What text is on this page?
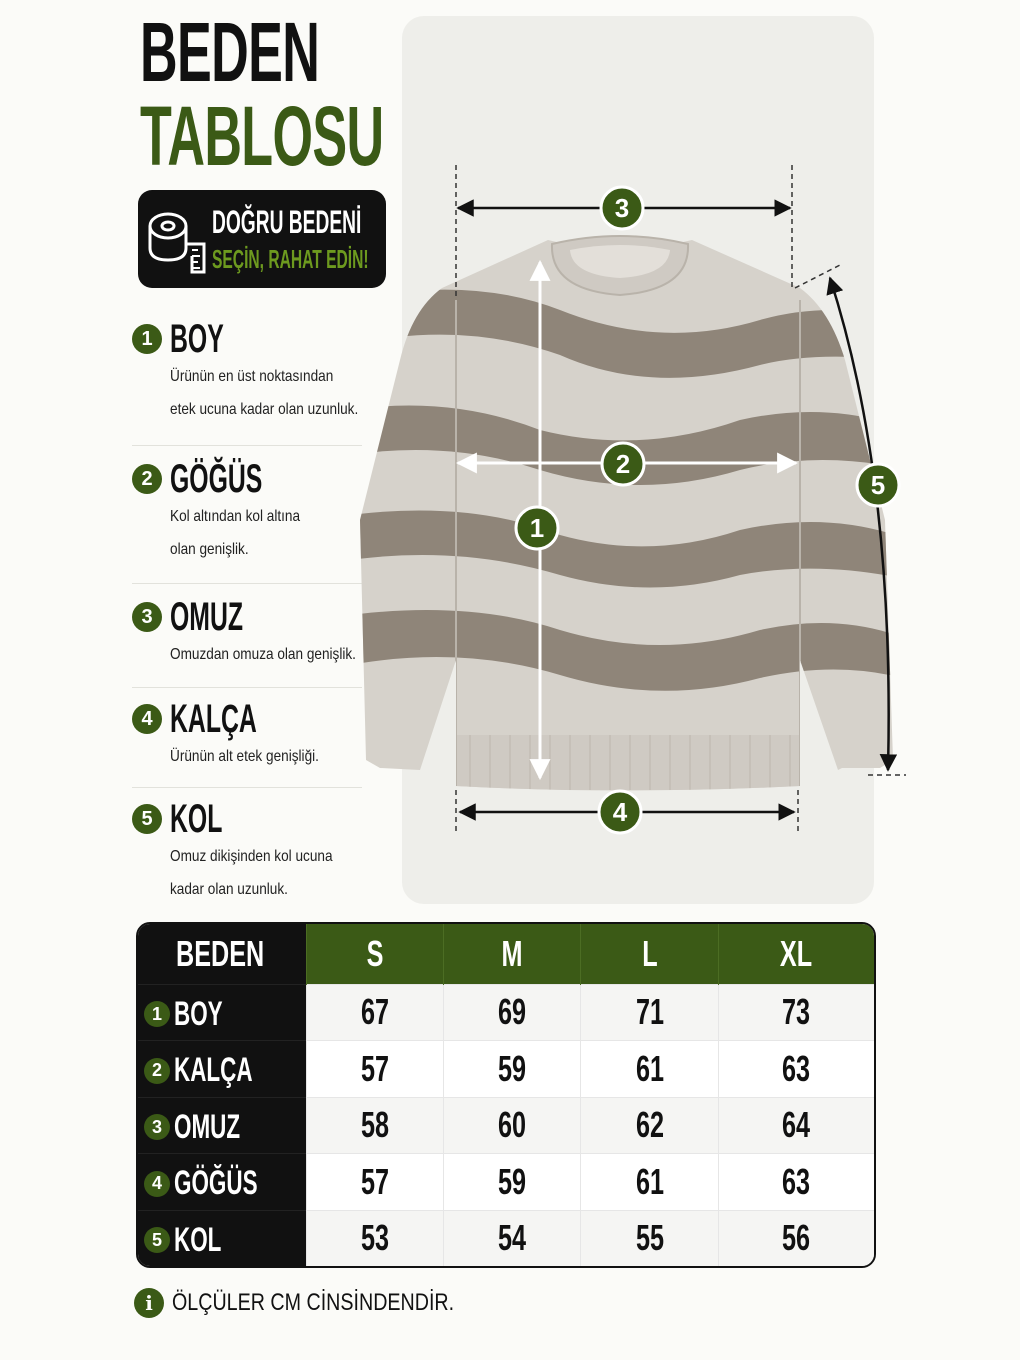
BEDEN
TABLOSU
DOĞRU BEDENİ
SEÇİN, RAHAT EDİN!
1 BOY
Ürünün en üst noktasından
etek ucuna kadar olan uzunluk.
2 GÖĞÜS
Kol altından kol altına
olan genişlik.
3 OMUZ
Omuzdan omuza olan genişlik.
4 KALÇA
Ürünün alt etek genişliği.
5 KOL
Omuz dikişinden kol ucuna
kadar olan uzunluk.
3
1
2
4
5
BEDEN	S	M	L	XL
1 BOY	67	69	71	73
2 KALÇA	57	59	61	63
3 OMUZ	58	60	62	64
4 GÖĞÜS	57	59	61	63
5 KOL	53	54	55	56
i ÖLÇÜLER CM CİNSİNDENDİR.
